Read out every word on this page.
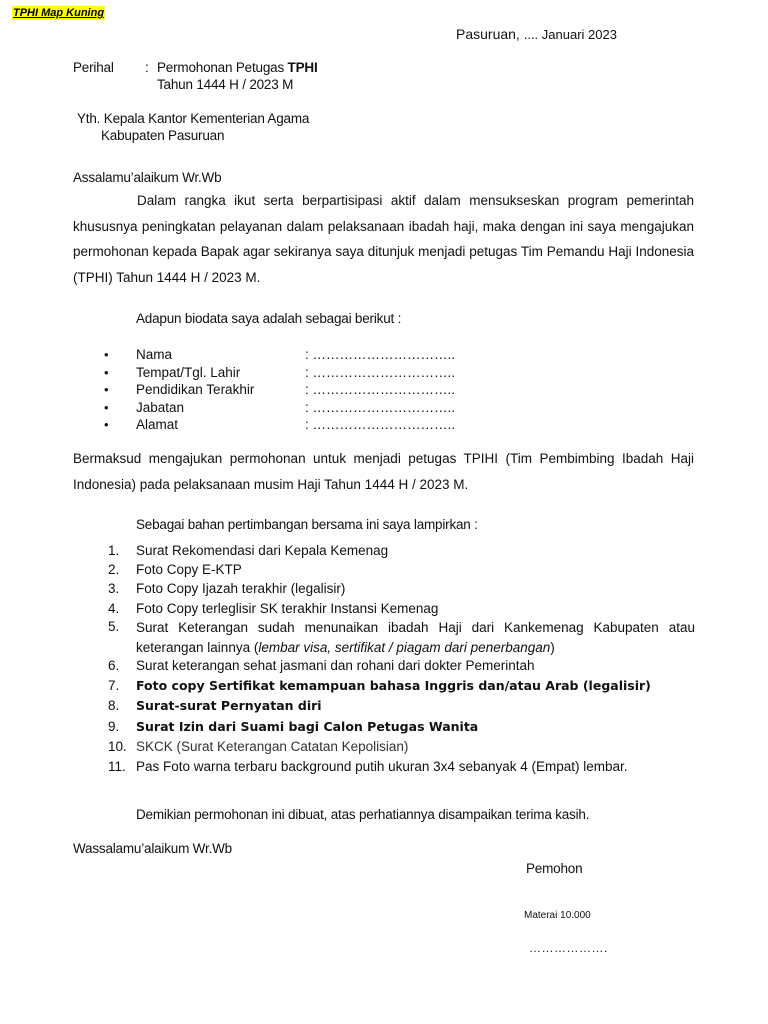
TPHI Map Kuning
Pasuruan, .... Januari 2023
Perihal : Permohonan Petugas TPHI
Tahun 1444 H / 2023 M
Yth. Kepala Kantor Kementerian Agama
Kabupaten Pasuruan
Assalamu’alaikum Wr.Wb
Dalam rangka ikut serta berpartisipasi aktif dalam mensukseskan program pemerintah khususnya peningkatan pelayanan dalam pelaksanaan ibadah haji, maka dengan ini saya mengajukan permohonan kepada Bapak agar sekiranya saya ditunjuk menjadi petugas Tim Pemandu Haji Indonesia (TPHI) Tahun 1444 H / 2023 M.
Adapun biodata saya adalah sebagai berikut :
• Nama	: …………………………..
• Tempat/Tgl. Lahir	: …………………………..
• Pendidikan Terakhir	: …………………………..
• Jabatan	: …………………………..
• Alamat	: …………………………..
Bermaksud mengajukan permohonan untuk menjadi petugas TPIHI (Tim Pembimbing Ibadah Haji Indonesia) pada pelaksanaan musim Haji Tahun 1444 H / 2023 M.
Sebagai bahan pertimbangan bersama ini saya lampirkan :
1. Surat Rekomendasi dari Kepala Kemenag
2. Foto Copy E-KTP
3. Foto Copy Ijazah terakhir (legalisir)
4. Foto Copy terleglisir SK terakhir Instansi Kemenag
5. Surat Keterangan sudah menunaikan ibadah Haji dari Kankemenag Kabupaten atau keterangan lainnya (lembar visa, sertifikat / piagam dari penerbangan)
6. Surat keterangan sehat jasmani dan rohani dari dokter Pemerintah
7. Foto copy Sertifikat kemampuan bahasa Inggris dan/atau Arab (legalisir)
8. Surat-surat Pernyatan diri
9. Surat Izin dari Suami bagi Calon Petugas Wanita
10. SKCK (Surat Keterangan Catatan Kepolisian)
11. Pas Foto warna terbaru background putih ukuran 3x4 sebanyak 4 (Empat) lembar.
Demikian permohonan ini dibuat, atas perhatiannya disampaikan terima kasih.
Wassalamu’alaikum Wr.Wb
Pemohon
Materai 10.000
……………….
